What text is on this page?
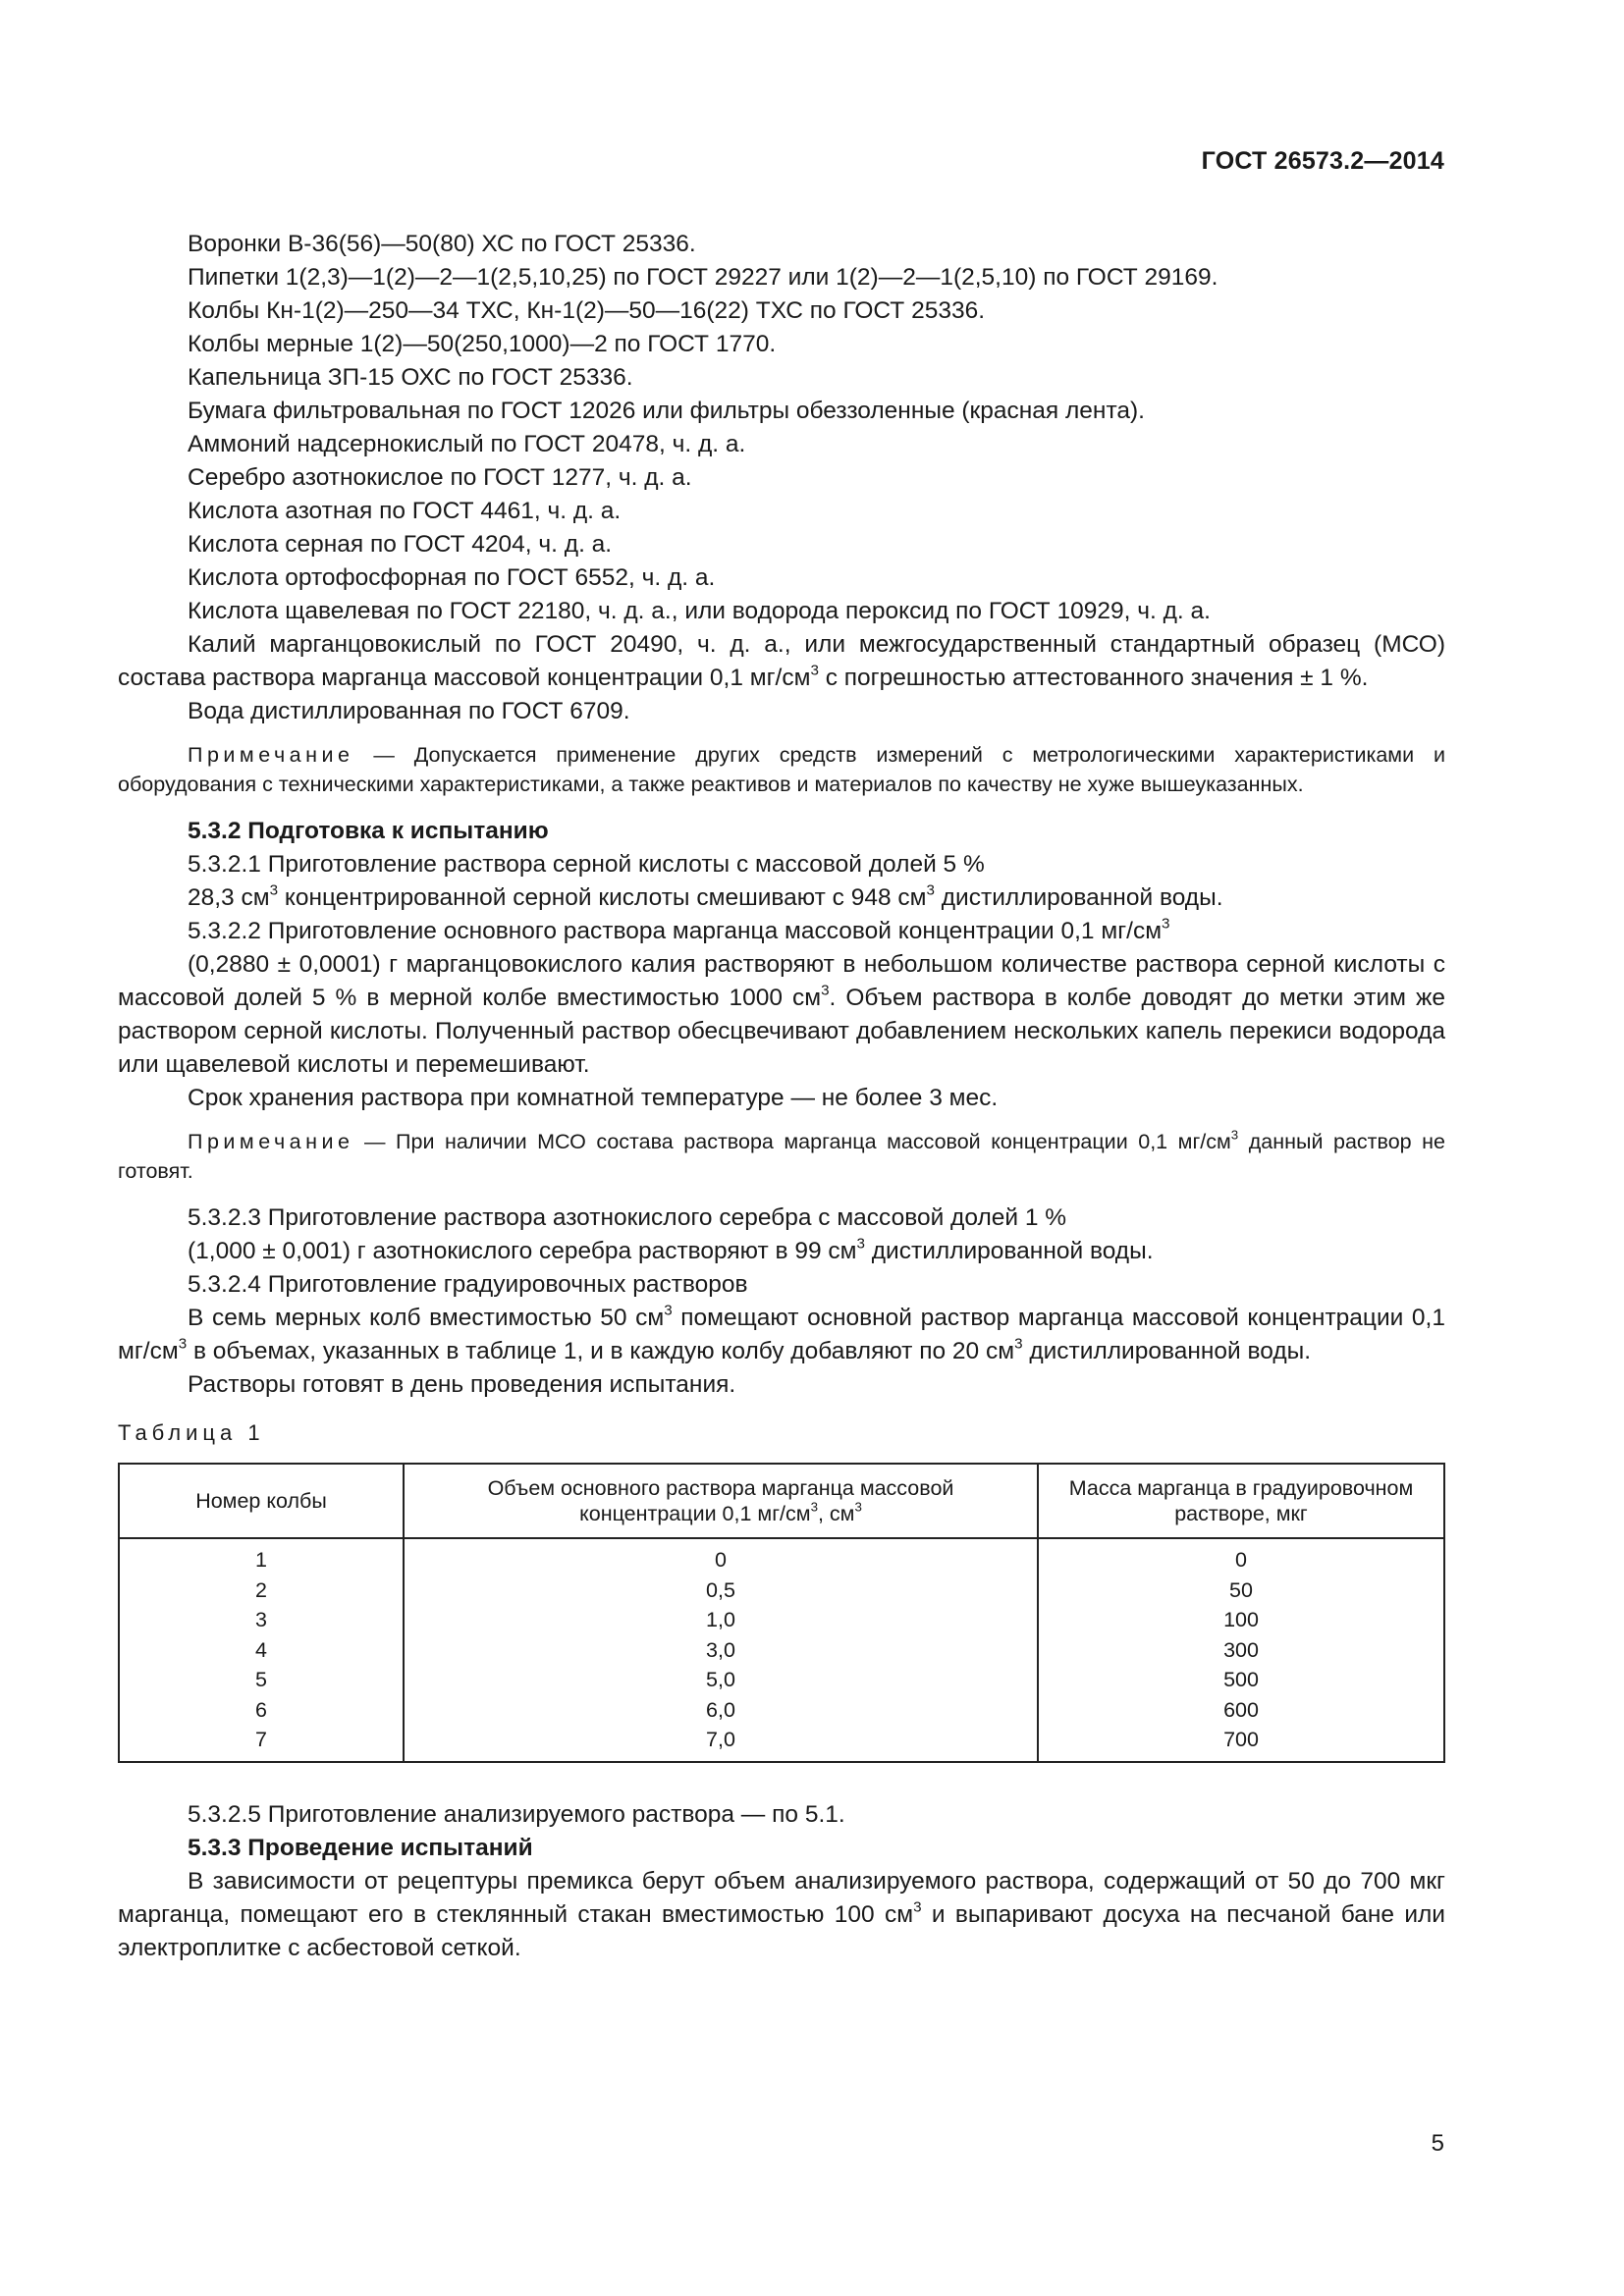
ГОСТ 26573.2—2014

Воронки В-36(56)—50(80) ХС по ГОСТ 25336.

Пипетки 1(2,3)—1(2)—2—1(2,5,10,25) по ГОСТ 29227 или 1(2)—2—1(2,5,10) по ГОСТ 29169.

Колбы Кн-1(2)—250—34 ТХС, Кн-1(2)—50—16(22) ТХС по ГОСТ 25336.

Колбы мерные 1(2)—50(250,1000)—2 по ГОСТ 1770.

Капельница ЗП-15 ОХС по ГОСТ 25336.

Бумага фильтровальная по ГОСТ 12026 или фильтры обеззоленные (красная лента).

Аммоний надсернокислый по ГОСТ 20478, ч. д. а.

Серебро азотнокислое по ГОСТ 1277, ч. д. а.

Кислота азотная по ГОСТ 4461, ч. д. а.

Кислота серная по ГОСТ 4204, ч. д. а.

Кислота ортофосфорная по ГОСТ 6552, ч. д. а.

Кислота щавелевая по ГОСТ 22180, ч. д. а., или водорода пероксид по ГОСТ 10929, ч. д. а.

Калий марганцовокислый по ГОСТ 20490, ч. д. а., или межгосударственный стандартный образец (МСО) состава раствора марганца массовой концентрации 0,1 $мг/см^3$ с погрешностью аттестованного значения ± 1 %.

Вода дистиллированная по ГОСТ 6709.

Примечание — Допускается применение других средств измерений с метрологическими характеристиками и оборудования с техническими характеристиками, а также реактивов и материалов по качеству не хуже вышеуказанных.

5.3.2 Подготовка к испытанию

5.3.2.1 Приготовление раствора серной кислоты с массовой долей 5 %

28,3 $см^3$ концентрированной серной кислоты смешивают с 948 $см^3$ дистиллированной воды.

5.3.2.2 Приготовление основного раствора марганца массовой концентрации 0,1 $мг/см^3$

(0,2880 ± 0,0001) г марганцовокислого калия растворяют в небольшом количестве раствора серной кислоты с массовой долей 5 % в мерной колбе вместимостью 1000 $см^3$. Объем раствора в колбе доводят до метки этим же раствором серной кислоты. Полученный раствор обесцвечивают добавлением нескольких капель перекиси водорода или щавелевой кислоты и перемешивают.

Срок хранения раствора при комнатной температуре — не более 3 мес.

Примечание — При наличии МСО состава раствора марганца массовой концентрации 0,1 $мг/см^3$ данный раствор не готовят.

5.3.2.3 Приготовление раствора азотнокислого серебра с массовой долей 1 %

(1,000 ± 0,001) г азотнокислого серебра растворяют в 99 $см^3$ дистиллированной воды.

5.3.2.4 Приготовление градуировочных растворов

В семь мерных колб вместимостью 50 $см^3$ помещают основной раствор марганца массовой концентрации 0,1 $мг/см^3$ в объемах, указанных в таблице 1, и в каждую колбу добавляют по 20 $см^3$ дистиллированной воды.

Растворы готовят в день проведения испытания.

Таблица 1

Номер колбы	Объем основного раствора марганца массовой концентрации 0,1 $мг/см^3$, $см^3$	Масса марганца в градуировочном растворе, мкг
1	0	0
2	0,5	50
3	1,0	100
4	3,0	300
5	5,0	500
6	6,0	600
7	7,0	700

5.3.2.5 Приготовление анализируемого раствора — по 5.1.

5.3.3 Проведение испытаний

В зависимости от рецептуры премикса берут объем анализируемого раствора, содержащий от 50 до 700 мкг марганца, помещают его в стеклянный стакан вместимостью 100 $см^3$ и выпаривают досуха на песчаной бане или электроплитке с асбестовой сеткой.

5
